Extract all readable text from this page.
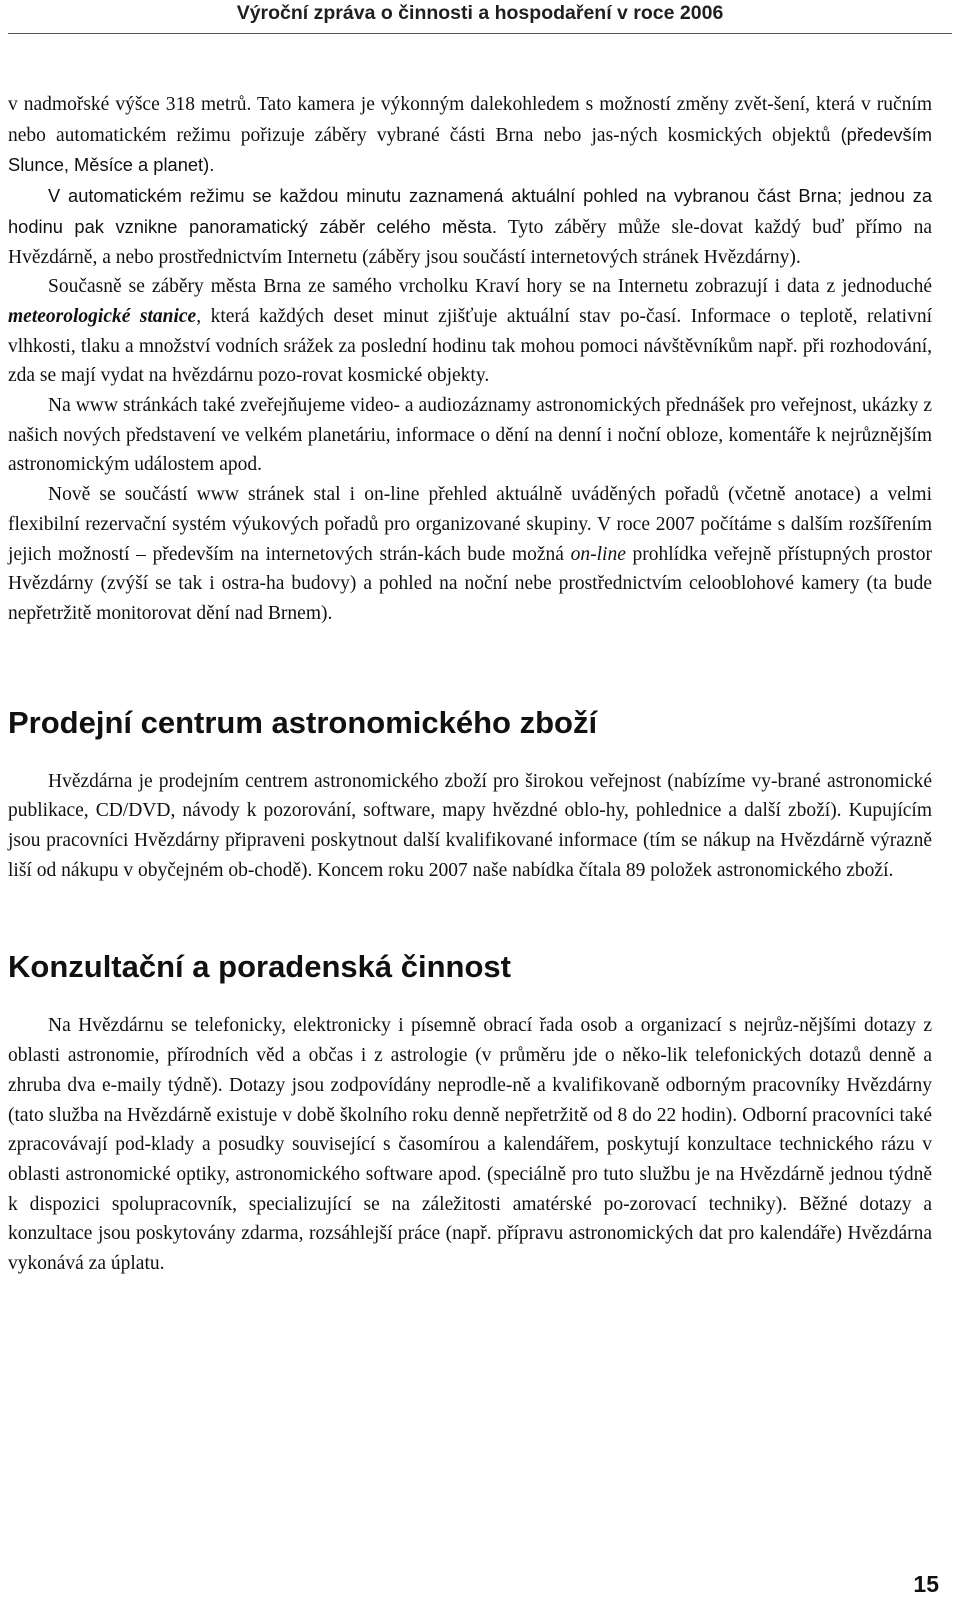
Výroční zpráva o činnosti a hospodaření v roce 2006

v nadmořské výšce 318 metrů. Tato kamera je výkonným dalekohledem s možností změny zvět-šení, která v ručním nebo automatickém režimu pořizuje záběry vybrané části Brna nebo jas-ných kosmických objektů (především Slunce, Měsíce a planet).

V automatickém režimu se každou minutu zaznamená aktuální pohled na vybranou část Brna; jednou za hodinu pak vznikne panoramatický záběr celého města. Tyto záběry může sle-dovat každý buď přímo na Hvězdárně, a nebo prostřednictvím Internetu (záběry jsou součástí internetových stránek Hvězdárny).

Současně se záběry města Brna ze samého vrcholku Kraví hory se na Internetu zobrazují i data z jednoduché meteorologické stanice, která každých deset minut zjišťuje aktuální stav po-časí. Informace o teplotě, relativní vlhkosti, tlaku a množství vodních srážek za poslední hodinu tak mohou pomoci návštěvníkům např. při rozhodování, zda se mají vydat na hvězdárnu pozo-rovat kosmické objekty.

Na www stránkách také zveřejňujeme video- a audiozáznamy astronomických přednášek pro veřejnost, ukázky z našich nových představení ve velkém planetáriu, informace o dění na denní i noční obloze, komentáře k nejrůznějším astronomickým událostem apod.

Nově se součástí www stránek stal i on-line přehled aktuálně uváděných pořadů (včetně anotace) a velmi flexibilní rezervační systém výukových pořadů pro organizované skupiny. V roce 2007 počítáme s dalším rozšířením jejich možností – především na internetových strán-kách bude možná on-line prohlídka veřejně přístupných prostor Hvězdárny (zvýší se tak i ostra-ha budovy) a pohled na noční nebe prostřednictvím celooblohové kamery (ta bude nepřetržitě monitorovat dění nad Brnem).

Prodejní centrum astronomického zboží

Hvězdárna je prodejním centrem astronomického zboží pro širokou veřejnost (nabízíme vy-brané astronomické publikace, CD/DVD, návody k pozorování, software, mapy hvězdné oblo-hy, pohlednice a další zboží). Kupujícím jsou pracovníci Hvězdárny připraveni poskytnout další kvalifikované informace (tím se nákup na Hvězdárně výrazně liší od nákupu v obyčejném ob-chodě). Koncem roku 2007 naše nabídka čítala 89 položek astronomického zboží.

Konzultační a poradenská činnost

Na Hvězdárnu se telefonicky, elektronicky i písemně obrací řada osob a organizací s nejrůz-nějšími dotazy z oblasti astronomie, přírodních věd a občas i z astrologie (v průměru jde o něko-lik telefonických dotazů denně a zhruba dva e-maily týdně). Dotazy jsou zodpovídány neprodle-ně a kvalifikovaně odborným pracovníky Hvězdárny (tato služba na Hvězdárně existuje v době školního roku denně nepřetržitě od 8 do 22 hodin). Odborní pracovníci také zpracovávají pod-klady a posudky související s časomírou a kalendářem, poskytují konzultace technického rázu v oblasti astronomické optiky, astronomického software apod. (speciálně pro tuto službu je na Hvězdárně jednou týdně k dispozici spolupracovník, specializující se na záležitosti amatérské po-zorovací techniky). Běžné dotazy a konzultace jsou poskytovány zdarma, rozsáhlejší práce (např. přípravu astronomických dat pro kalendáře) Hvězdárna vykonává za úplatu.

15
